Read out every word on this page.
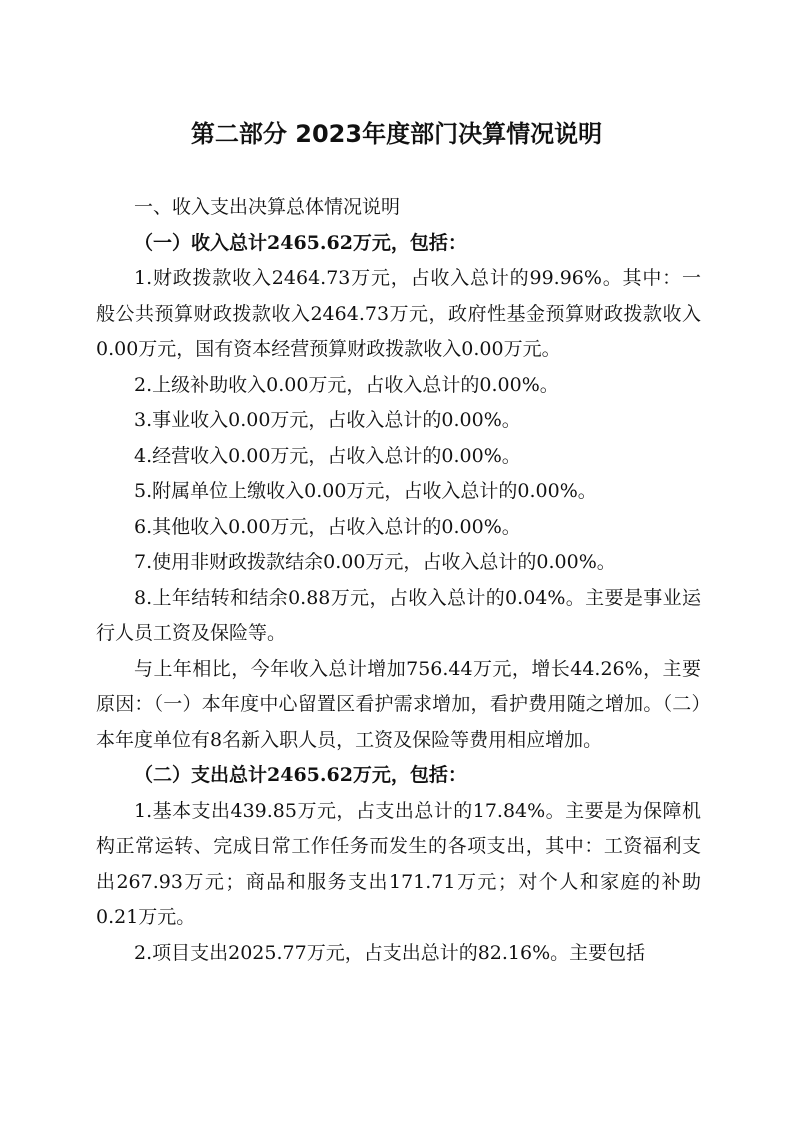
第二部分 2023年度部门决算情况说明

一、收入支出决算总体情况说明

（一）收入总计2465.62万元，包括：

1.财政拨款收入2464.73万元，占收入总计的99.96%。其中：一般公共预算财政拨款收入2464.73万元，政府性基金预算财政拨款收入0.00万元，国有资本经营预算财政拨款收入0.00万元。

2.上级补助收入0.00万元，占收入总计的0.00%。

3.事业收入0.00万元，占收入总计的0.00%。

4.经营收入0.00万元，占收入总计的0.00%。

5.附属单位上缴收入0.00万元，占收入总计的0.00%。

6.其他收入0.00万元，占收入总计的0.00%。

7.使用非财政拨款结余0.00万元，占收入总计的0.00%。

8.上年结转和结余0.88万元，占收入总计的0.04%。主要是事业运行人员工资及保险等。

与上年相比，今年收入总计增加756.44万元，增长44.26%，主要原因：（一）本年度中心留置区看护需求增加，看护费用随之增加。（二）本年度单位有8名新入职人员，工资及保险等费用相应增加。

（二）支出总计2465.62万元，包括：

1.基本支出439.85万元，占支出总计的17.84%。主要是为保障机构正常运转、完成日常工作任务而发生的各项支出，其中：工资福利支出267.93万元；商品和服务支出171.71万元；对个人和家庭的补助0.21万元。

2.项目支出2025.77万元，占支出总计的82.16%。主要包括
